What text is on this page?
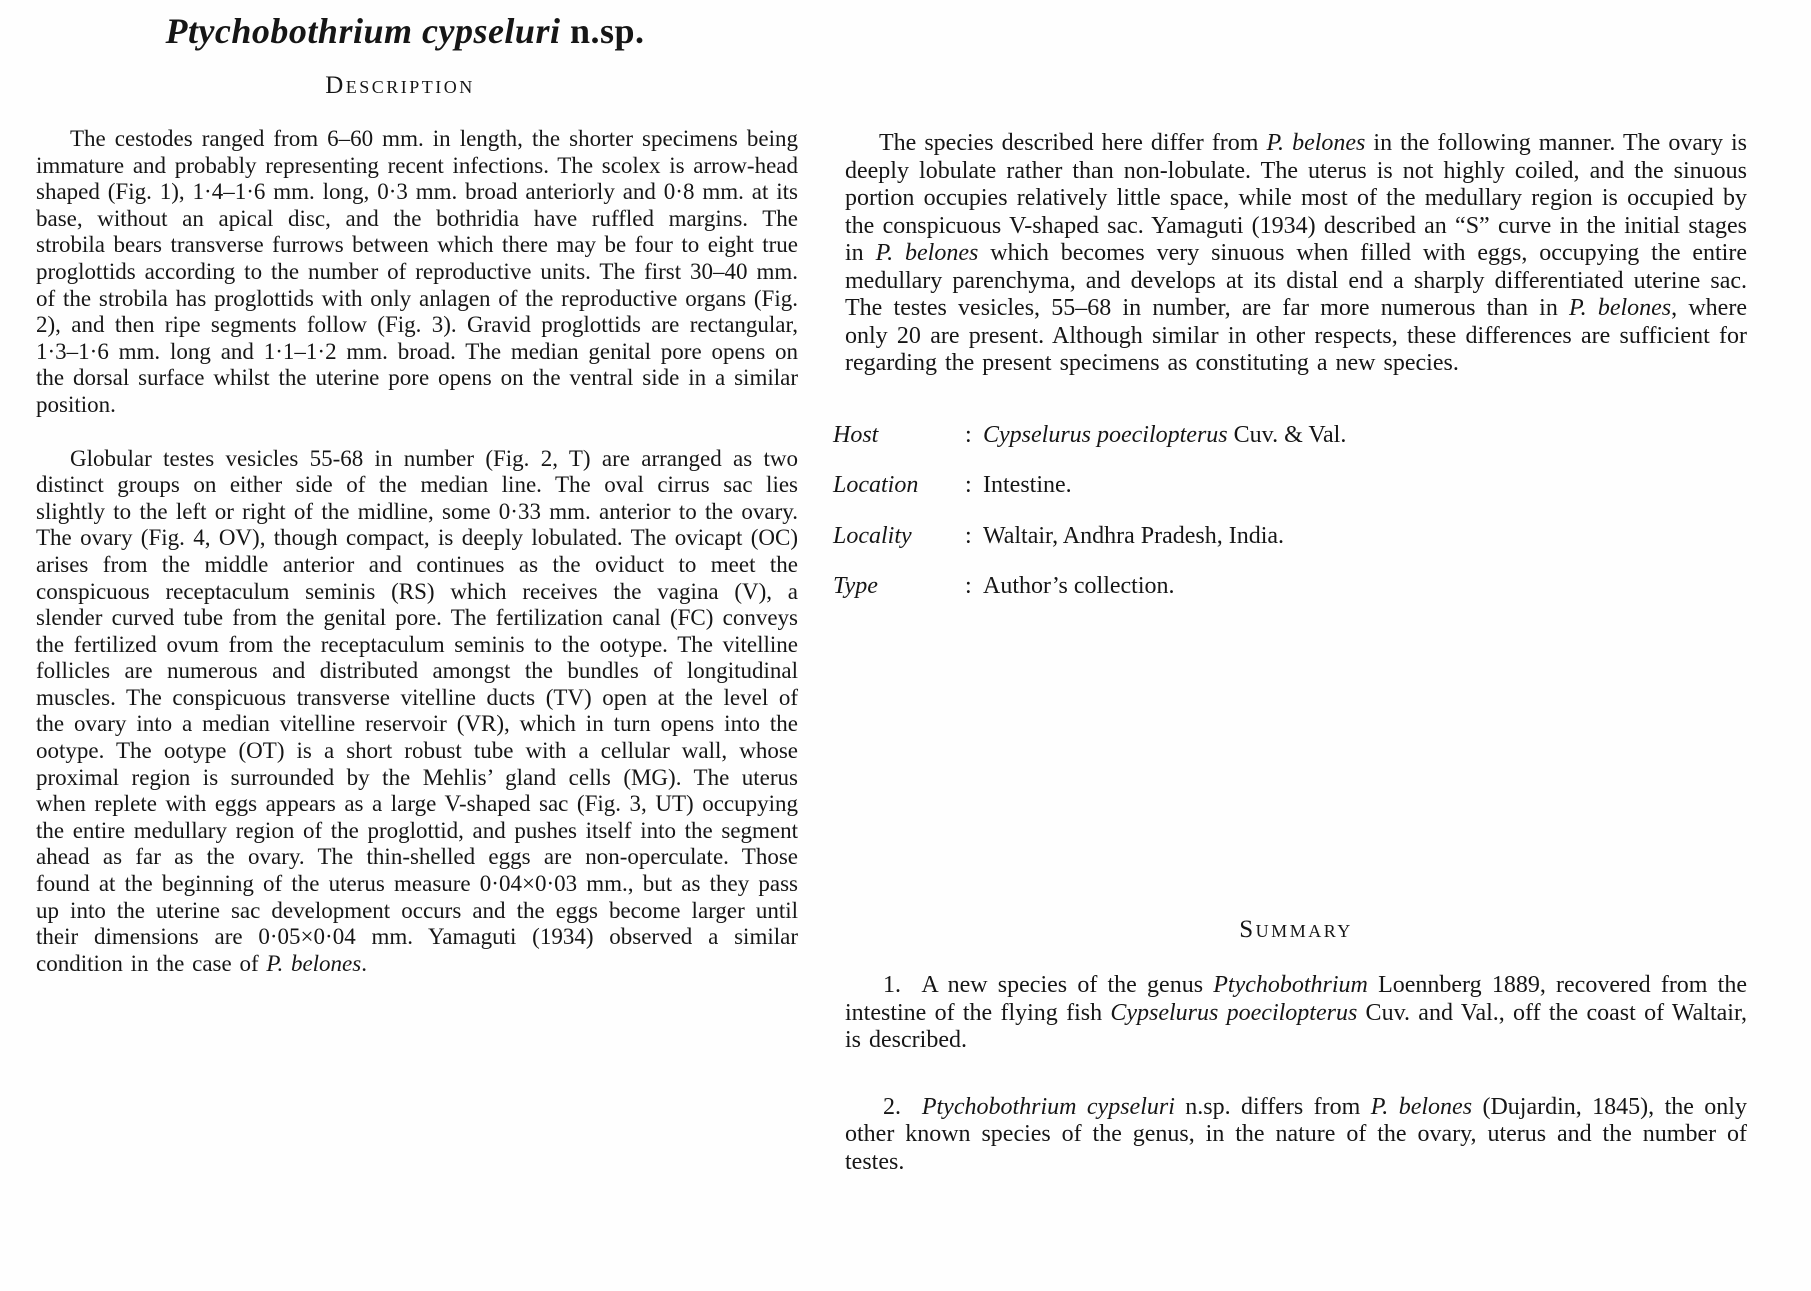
Ptychobothrium cypseluri n.sp.
Description

The cestodes ranged from 6–60 mm. in length, the shorter specimens being immature and probably representing recent infections. The scolex is arrow-head shaped (Fig. 1), 1·4–1·6 mm. long, 0·3 mm. broad anteriorly and 0·8 mm. at its base, without an apical disc, and the bothridia have ruffled margins. The strobila bears transverse furrows between which there may be four to eight true proglottids according to the number of reproductive units. The first 30–40 mm. of the strobila has proglottids with only anlagen of the reproductive organs (Fig. 2), and then ripe segments follow (Fig. 3). Gravid proglottids are rectangular, 1·3–1·6 mm. long and 1·1–1·2 mm. broad. The median genital pore opens on the dorsal surface whilst the uterine pore opens on the ventral side in a similar position.

Globular testes vesicles 55-68 in number (Fig. 2, T) are arranged as two distinct groups on either side of the median line. The oval cirrus sac lies slightly to the left or right of the midline, some 0·33 mm. anterior to the ovary. The ovary (Fig. 4, OV), though compact, is deeply lobulated. The ovicapt (OC) arises from the middle anterior and continues as the oviduct to meet the conspicuous receptaculum seminis (RS) which receives the vagina (V), a slender curved tube from the genital pore. The fertilization canal (FC) conveys the fertilized ovum from the receptaculum seminis to the ootype. The vitelline follicles are numerous and distributed amongst the bundles of longitudinal muscles. The conspicuous transverse vitelline ducts (TV) open at the level of the ovary into a median vitelline reservoir (VR), which in turn opens into the ootype. The ootype (OT) is a short robust tube with a cellular wall, whose proximal region is surrounded by the Mehlis’ gland cells (MG). The uterus when replete with eggs appears as a large V-shaped sac (Fig. 3, UT) occupying the entire medullary region of the proglottid, and pushes itself into the segment ahead as far as the ovary. The thin-shelled eggs are non-operculate. Those found at the beginning of the uterus measure 0·04×0·03 mm., but as they pass up into the uterine sac development occurs and the eggs become larger until their dimensions are 0·05×0·04 mm. Yamaguti (1934) observed a similar condition in the case of P. belones.

The species described here differ from P. belones in the following manner. The ovary is deeply lobulate rather than non-lobulate. The uterus is not highly coiled, and the sinuous portion occupies relatively little space, while most of the medullary region is occupied by the conspicuous V-shaped sac. Yamaguti (1934) described an “S” curve in the initial stages in P. belones which becomes very sinuous when filled with eggs, occupying the entire medullary parenchyma, and develops at its distal end a sharply differentiated uterine sac. The testes vesicles, 55–68 in number, are far more numerous than in P. belones, where only 20 are present. Although similar in other respects, these differences are sufficient for regarding the present specimens as constituting a new species.

Host	: Cypselurus poecilopterus Cuv. & Val.
Location	: Intestine.
Locality	: Waltair, Andhra Pradesh, India.
Type	: Author’s collection.
Summary

1.  A new species of the genus Ptychobothrium Loennberg 1889, recovered from the intestine of the flying fish Cypselurus poecilopterus Cuv. and Val., off the coast of Waltair, is described.

2.  Ptychobothrium cypseluri n.sp. differs from P. belones (Dujardin, 1845), the only other known species of the genus, in the nature of the ovary, uterus and the number of testes.
